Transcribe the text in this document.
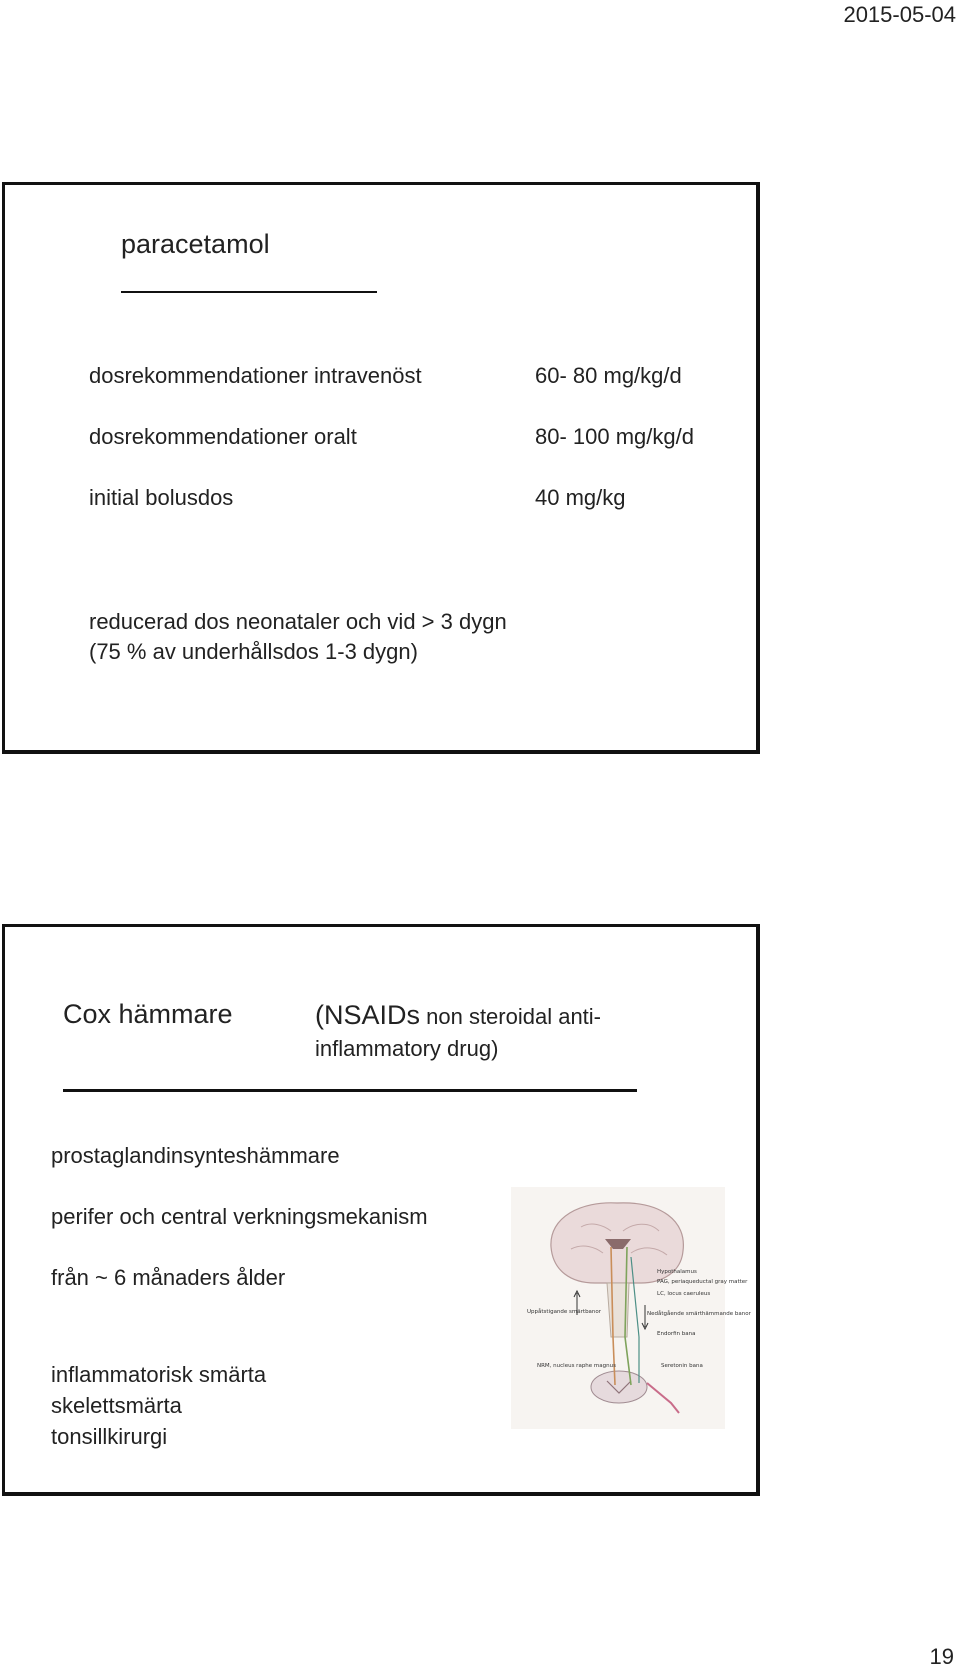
2015-05-04
paracetamol
dosrekommendationer intravenöst	60- 80 mg/kg/d
dosrekommendationer oralt	80- 100 mg/kg/d
initial bolusdos	40 mg/kg
reducerad dos neonataler och vid > 3 dygn
(75 % av underhållsdos 1-3 dygn)
Cox hämmare	(NSAIDs non steroidal anti-inflammatory drug)
prostaglandinsynteshämmare
perifer och central verkningsmekanism
från ~ 6 månaders ålder
inflammatorisk smärta
skelettsmärta
tonsillkirurgi
Hypothalamus
PAG, periaqueductal gray matter
LC, locus caeruleus
Uppåtstigande smärtbanor	Nedåtgående smärthämmande banor
Endorfin bana
NRM, nucleus raphe magnus	Seretonin bana
19
